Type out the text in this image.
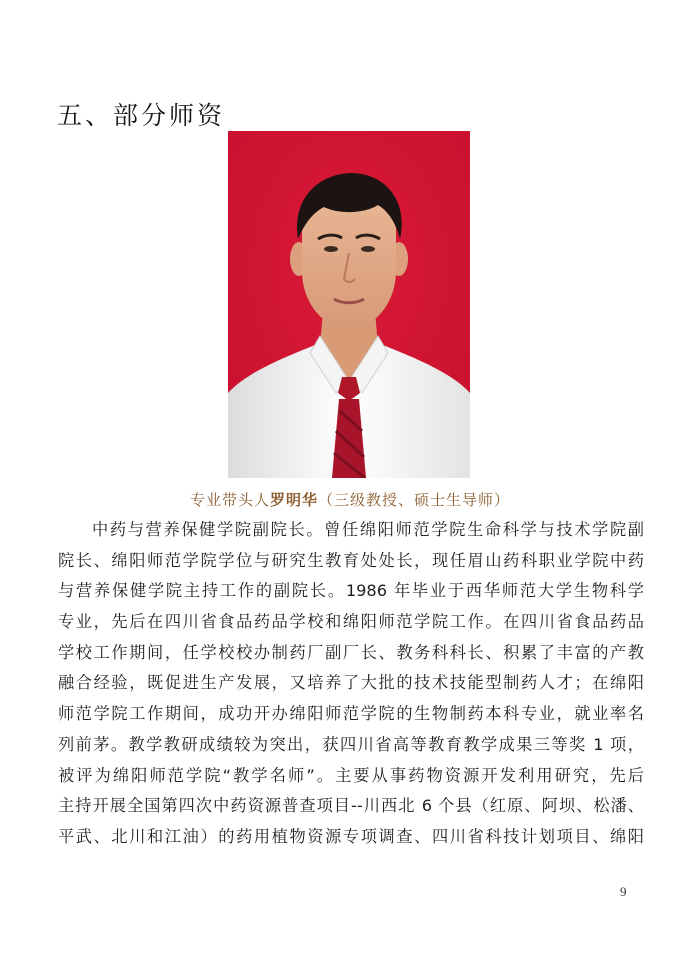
五、部分师资
专业带头人罗明华（三级教授、硕士生导师）
中药与营养保健学院副院长。曾任绵阳师范学院生命科学与技术学院副
院长、绵阳师范学院学位与研究生教育处处长，现任眉山药科职业学院中药
与营养保健学院主持工作的副院长。1986 年毕业于西华师范大学生物科学
专业，先后在四川省食品药品学校和绵阳师范学院工作。在四川省食品药品
学校工作期间，任学校校办制药厂副厂长、教务科科长、积累了丰富的产教
融合经验，既促进生产发展，又培养了大批的技术技能型制药人才；在绵阳
师范学院工作期间，成功开办绵阳师范学院的生物制药本科专业，就业率名
列前茅。教学教研成绩较为突出，获四川省高等教育教学成果三等奖 1 项，
被评为绵阳师范学院“教学名师”。主要从事药物资源开发利用研究，先后
主持开展全国第四次中药资源普查项目--川西北 6 个县（红原、阿坝、松潘、
平武、北川和江油）的药用植物资源专项调查、四川省科技计划项目、绵阳
9
